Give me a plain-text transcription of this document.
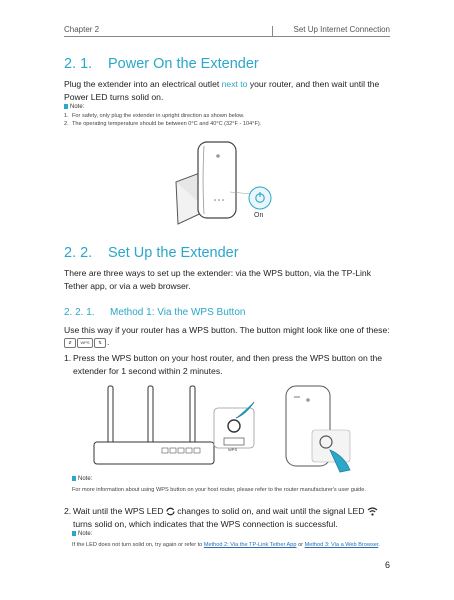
Chapter 2	Set Up Internet Connection
2. 1. Power On the Extender
Plug the extender into an electrical outlet next to your router, and then wait until the Power LED turns solid on.
Note:
1. For safety, only plug the extender in upright direction as shown below.
2. The operating temperature should be between 0°C and 40°C (32°F - 104°F).
On
2. 2. Set Up the Extender
There are three ways to set up the extender: via the WPS button, via the TP-Link Tether app, or via a web browser.
2. 2. 1. Method 1: Via the WPS Button
Use this way if your router has a WPS button. The button might look like one of these:
⇵ WPS ⇅ .
1. Press the WPS button on your host router, and then press the WPS button on the extender for 1 second within 2 minutes.
WPS
Note:
For more information about using WPS button on your host router, please refer to the router manufacturer's user guide.
2. Wait until the WPS LED  changes to solid on, and wait until the signal LED  turns solid on, which indicates that the WPS connection is successful.
Note:
If the LED does not turn solid on, try again or refer to Method 2: Via the TP-Link Tether App or Method 3: Via a Web Browser.
6
